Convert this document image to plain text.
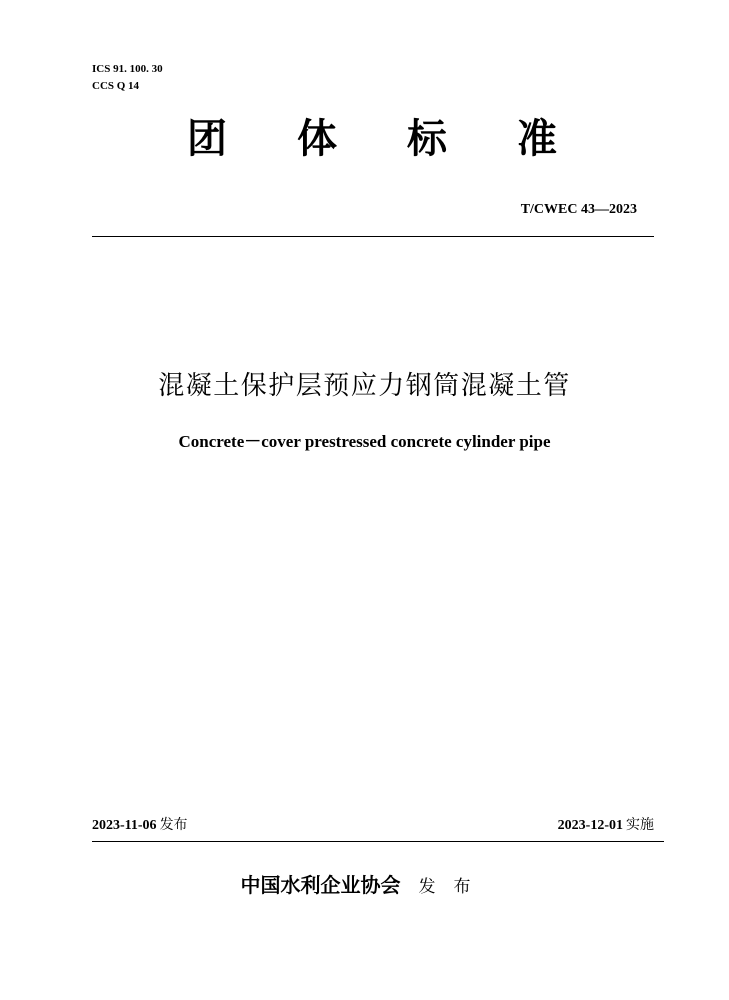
ICS 91. 100. 30
CCS Q 14
团 体 标 准
T/CWEC 43—2023
混凝土保护层预应力钢筒混凝土管
Concrete－cover prestressed concrete cylinder pipe
2023-11-06 发布	2023-12-01 实施
中国水利企业协会 发布
